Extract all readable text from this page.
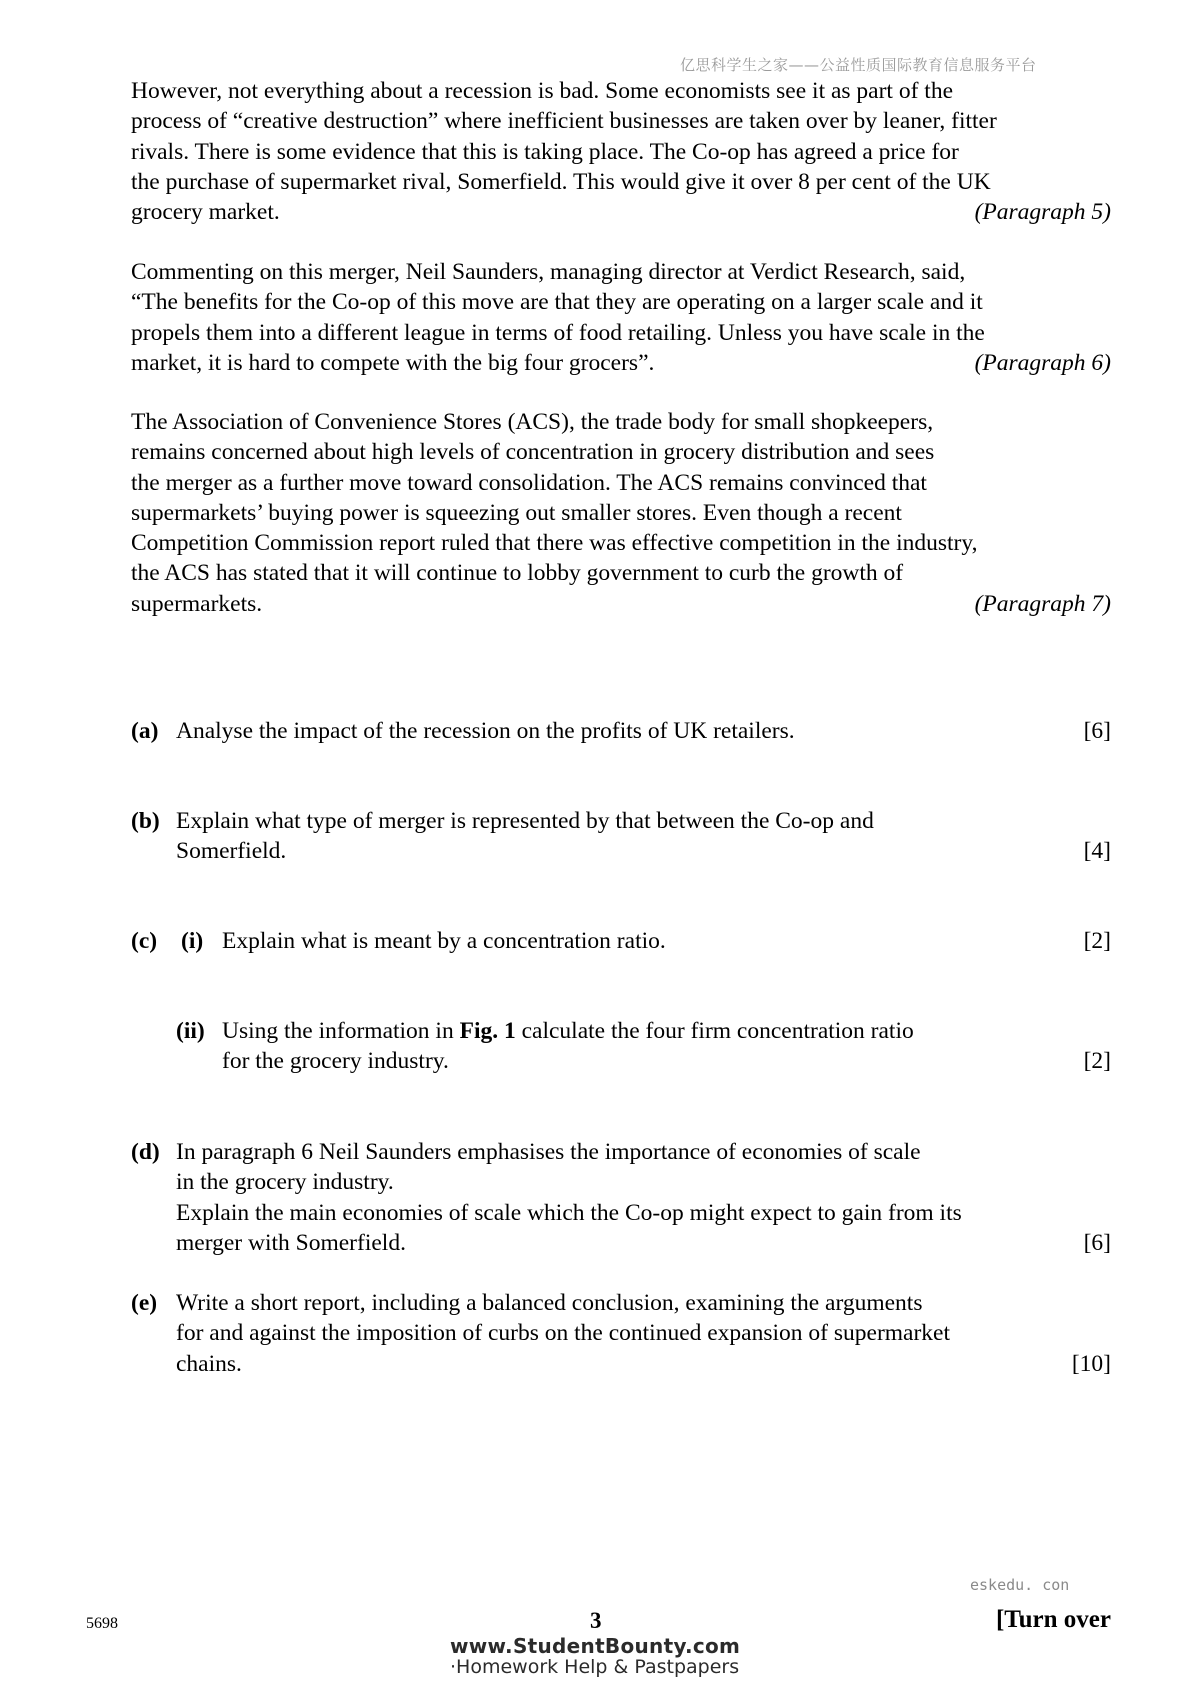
亿思科学生之家——公益性质国际教育信息服务平台
However, not everything about a recession is bad. Some economists see it as part of the
process of “creative destruction” where inefficient businesses are taken over by leaner, fitter
rivals. There is some evidence that this is taking place. The Co-op has agreed a price for
the purchase of supermarket rival, Somerfield. This would give it over 8 per cent of the UK
grocery market.	(Paragraph 5)
Commenting on this merger, Neil Saunders, managing director at Verdict Research, said,
“The benefits for the Co-op of this move are that they are operating on a larger scale and it
propels them into a different league in terms of food retailing. Unless you have scale in the
market, it is hard to compete with the big four grocers”.	(Paragraph 6)
The Association of Convenience Stores (ACS), the trade body for small shopkeepers,
remains concerned about high levels of concentration in grocery distribution and sees
the merger as a further move toward consolidation. The ACS remains convinced that
supermarkets’ buying power is squeezing out smaller stores. Even though a recent
Competition Commission report ruled that there was effective competition in the industry,
the ACS has stated that it will continue to lobby government to curb the growth of
supermarkets.	(Paragraph 7)
(a) Analyse the impact of the recession on the profits of UK retailers.	[6]
(b) Explain what type of merger is represented by that between the Co-op and
Somerfield.	[4]
(c) (i) Explain what is meant by a concentration ratio.	[2]
(ii) Using the information in Fig. 1 calculate the four firm concentration ratio
for the grocery industry.	[2]
(d) In paragraph 6 Neil Saunders emphasises the importance of economies of scale
in the grocery industry.
Explain the main economies of scale which the Co-op might expect to gain from its
merger with Somerfield.	[6]
(e) Write a short report, including a balanced conclusion, examining the arguments
for and against the imposition of curbs on the continued expansion of supermarket
chains.	[10]
eskedu. con
5698	3	[Turn over
www.StudentBounty.com
·Homework Help & Pastpapers
